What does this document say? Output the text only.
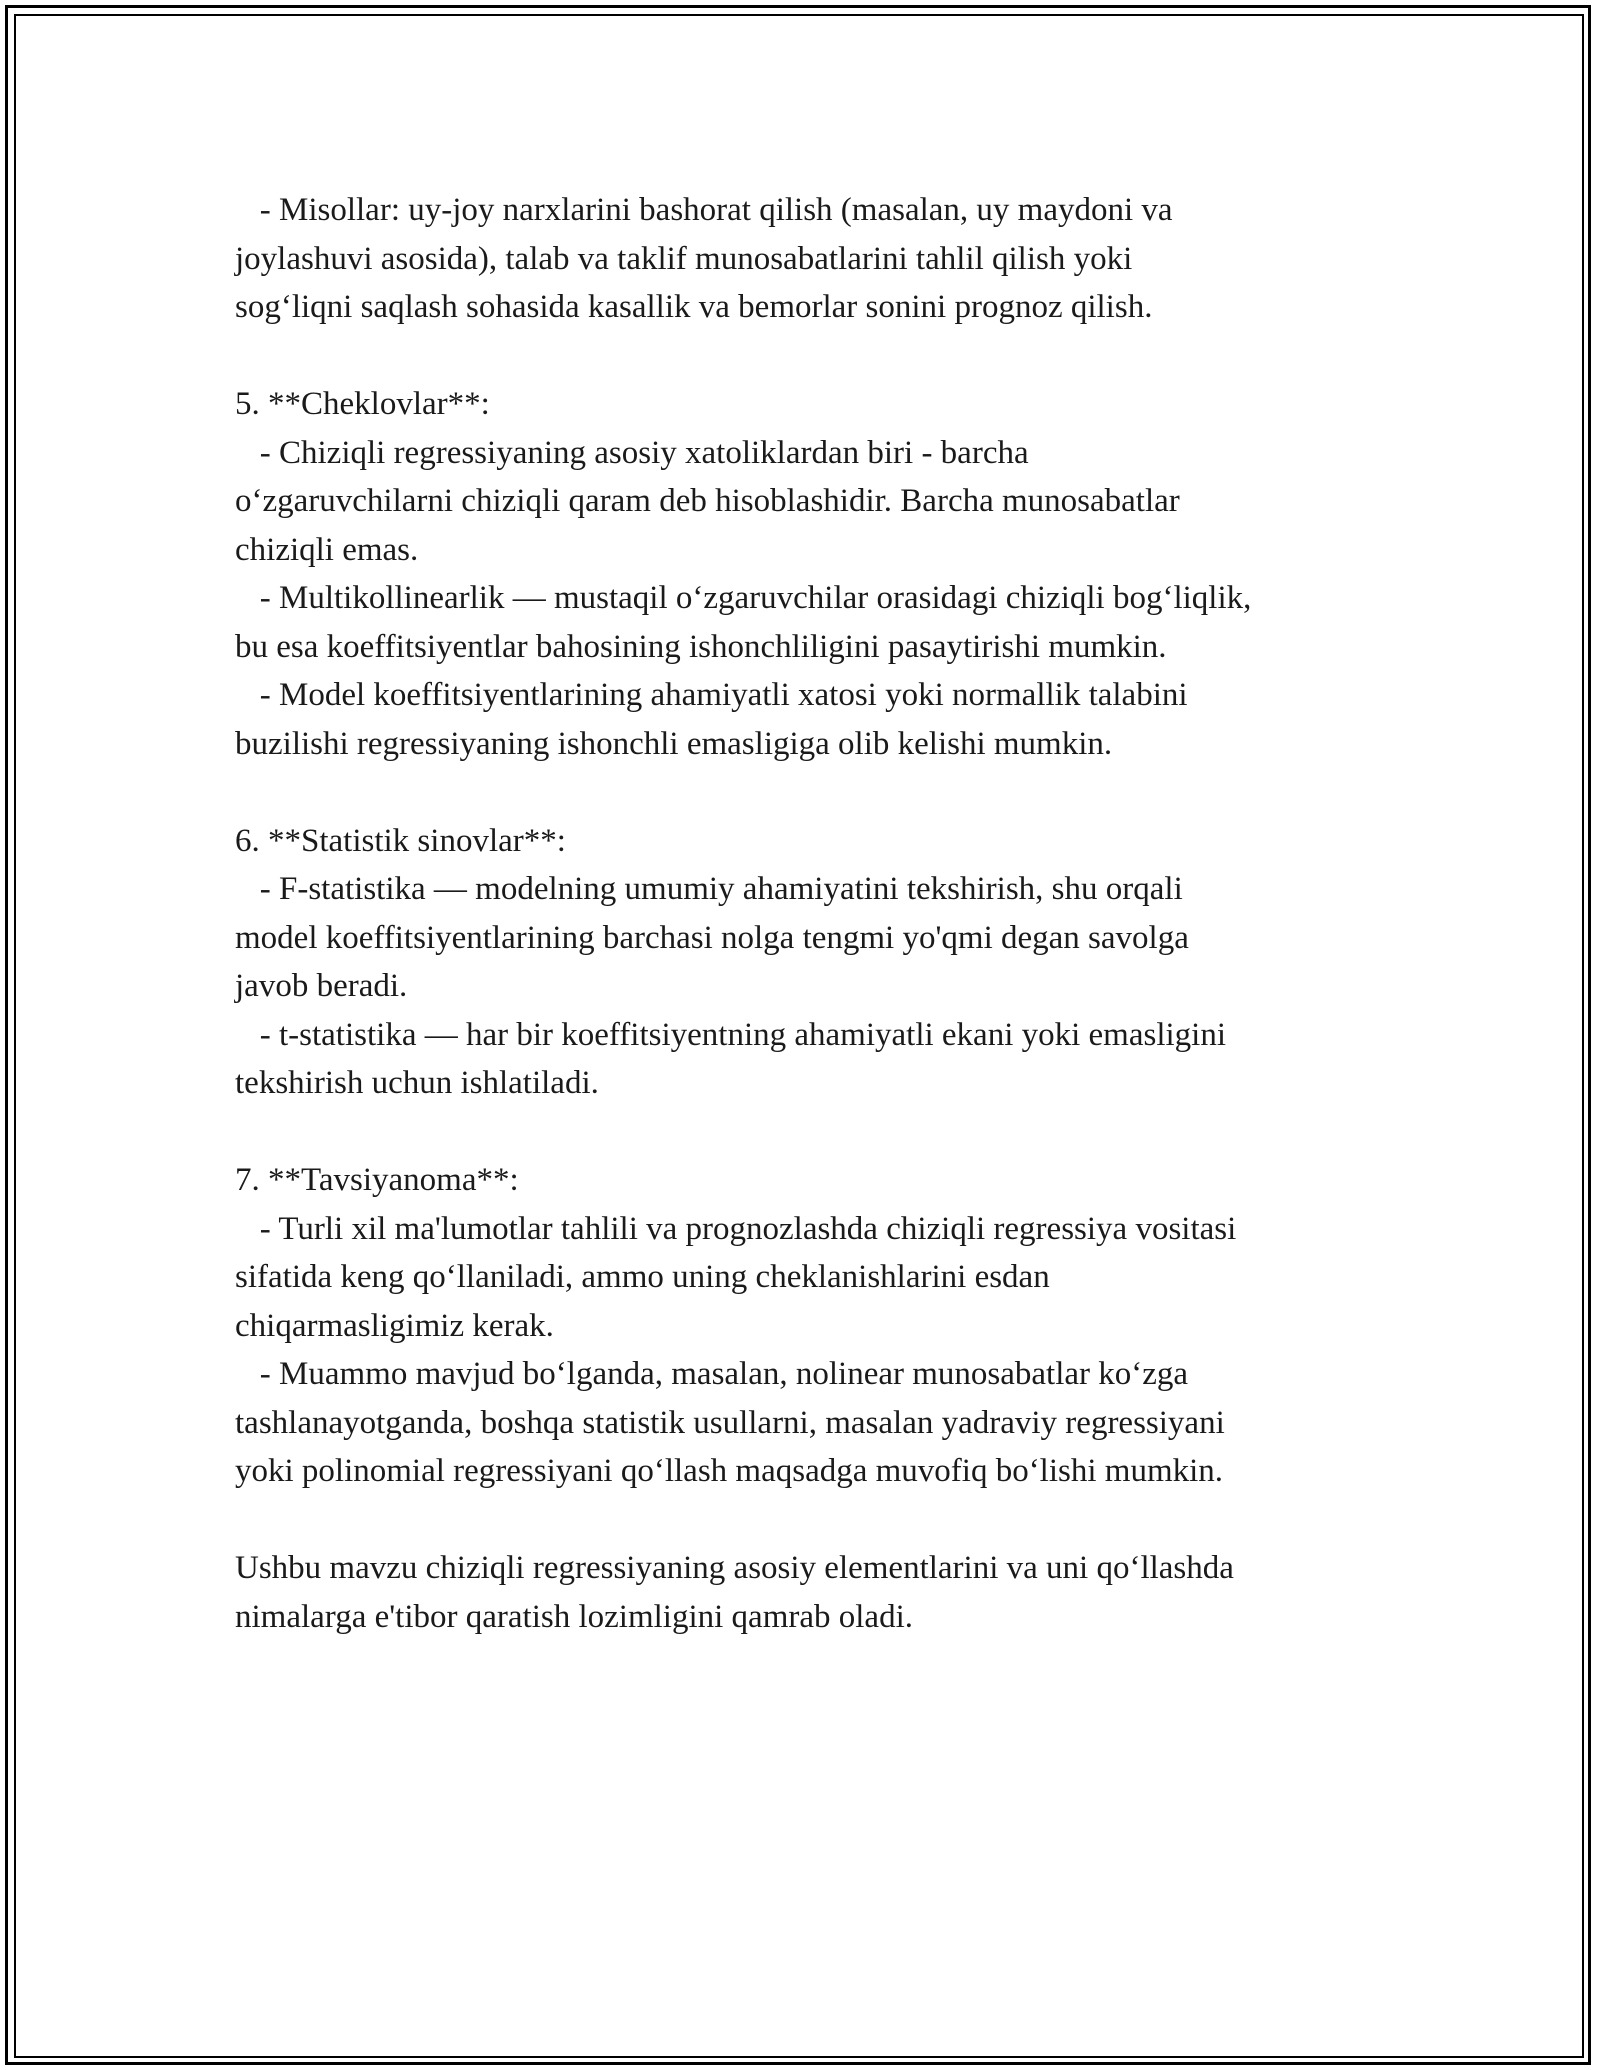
- Misollar: uy-joy narxlarini bashorat qilish (masalan, uy maydoni va
joylashuvi asosida), talab va taklif munosabatlarini tahlil qilish yoki
sog‘liqni saqlash sohasida kasallik va bemorlar sonini prognoz qilish.
5. **Cheklovlar**:
- Chiziqli regressiyaning asosiy xatoliklardan biri - barcha
o‘zgaruvchilarni chiziqli qaram deb hisoblashidir. Barcha munosabatlar
chiziqli emas.
- Multikollinearlik — mustaqil o‘zgaruvchilar orasidagi chiziqli bog‘liqlik,
bu esa koeffitsiyentlar bahosining ishonchliligini pasaytirishi mumkin.
- Model koeffitsiyentlarining ahamiyatli xatosi yoki normallik talabini
buzilishi regressiyaning ishonchli emasligiga olib kelishi mumkin.
6. **Statistik sinovlar**:
- F-statistika — modelning umumiy ahamiyatini tekshirish, shu orqali
model koeffitsiyentlarining barchasi nolga tengmi yo'qmi degan savolga
javob beradi.
- t-statistika — har bir koeffitsiyentning ahamiyatli ekani yoki emasligini
tekshirish uchun ishlatiladi.
7. **Tavsiyanoma**:
- Turli xil ma'lumotlar tahlili va prognozlashda chiziqli regressiya vositasi
sifatida keng qo‘llaniladi, ammo uning cheklanishlarini esdan
chiqarmasligimiz kerak.
- Muammo mavjud bo‘lganda, masalan, nolinear munosabatlar ko‘zga
tashlanayotganda, boshqa statistik usullarni, masalan yadraviy regressiyani
yoki polinomial regressiyani qo‘llash maqsadga muvofiq bo‘lishi mumkin.
Ushbu mavzu chiziqli regressiyaning asosiy elementlarini va uni qo‘llashda
nimalarga e'tibor qaratish lozimligini qamrab oladi.
